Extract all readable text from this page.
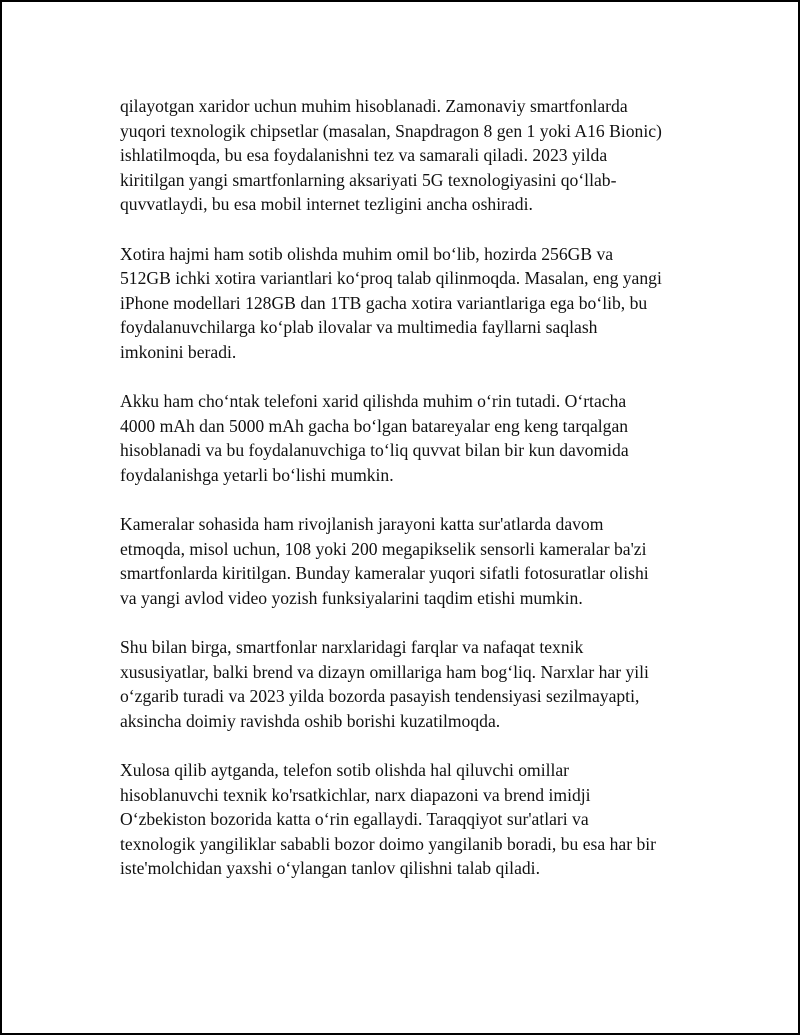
qilayotgan xaridor uchun muhim hisoblanadi. Zamonaviy smartfonlarda
yuqori texnologik chipsetlar (masalan, Snapdragon 8 gen 1 yoki A16 Bionic)
ishlatilmoqda, bu esa foydalanishni tez va samarali qiladi. 2023 yilda
kiritilgan yangi smartfonlarning aksariyati 5G texnologiyasini qo‘llab-
quvvatlaydi, bu esa mobil internet tezligini ancha oshiradi.

Xotira hajmi ham sotib olishda muhim omil bo‘lib, hozirda 256GB va
512GB ichki xotira variantlari ko‘proq talab qilinmoqda. Masalan, eng yangi
iPhone modellari 128GB dan 1TB gacha xotira variantlariga ega bo‘lib, bu
foydalanuvchilarga ko‘plab ilovalar va multimedia fayllarni saqlash
imkonini beradi.

Akku ham cho‘ntak telefoni xarid qilishda muhim o‘rin tutadi. O‘rtacha
4000 mAh dan 5000 mAh gacha bo‘lgan batareyalar eng keng tarqalgan
hisoblanadi va bu foydalanuvchiga to‘liq quvvat bilan bir kun davomida
foydalanishga yetarli bo‘lishi mumkin.

Kameralar sohasida ham rivojlanish jarayoni katta sur'atlarda davom
etmoqda, misol uchun, 108 yoki 200 megapikselik sensorli kameralar ba'zi
smartfonlarda kiritilgan. Bunday kameralar yuqori sifatli fotosuratlar olishi
va yangi avlod video yozish funksiyalarini taqdim etishi mumkin.

Shu bilan birga, smartfonlar narxlaridagi farqlar va nafaqat texnik
xususiyatlar, balki brend va dizayn omillariga ham bog‘liq. Narxlar har yili
o‘zgarib turadi va 2023 yilda bozorda pasayish tendensiyasi sezilmayapti,
aksincha doimiy ravishda oshib borishi kuzatilmoqda.

Xulosa qilib aytganda, telefon sotib olishda hal qiluvchi omillar
hisoblanuvchi texnik ko'rsatkichlar, narx diapazoni va brend imidji
O‘zbekiston bozorida katta o‘rin egallaydi. Taraqqiyot sur'atlari va
texnologik yangiliklar sababli bozor doimo yangilanib boradi, bu esa har bir
iste'molchidan yaxshi o‘ylangan tanlov qilishni talab qiladi.
